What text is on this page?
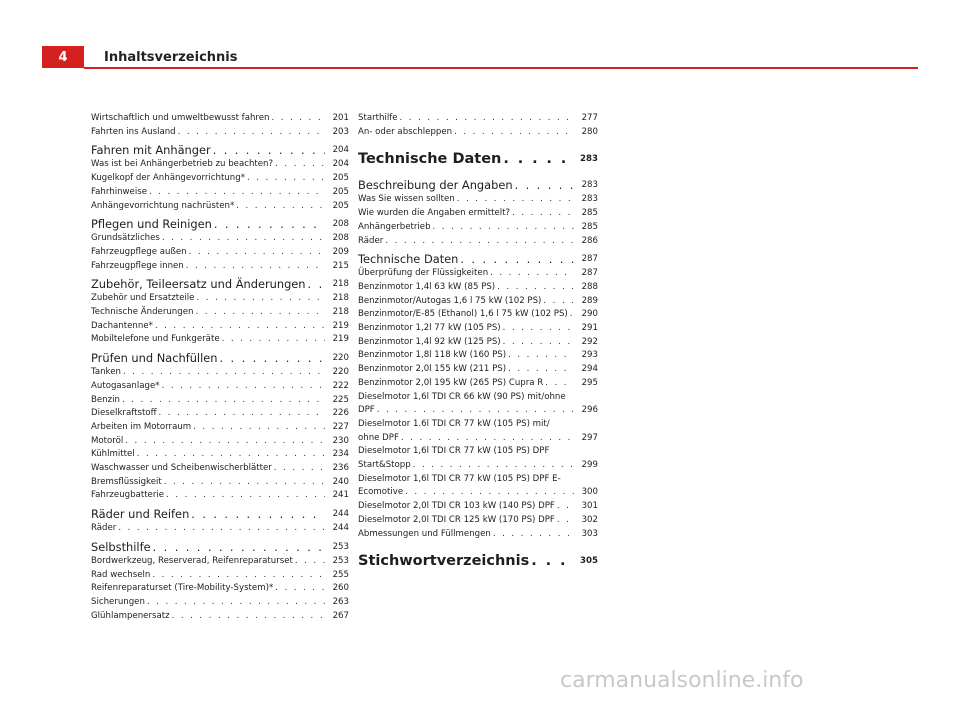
4	Inhaltsverzeichnis
Wirtschaftlich und umweltbewusst fahren . . .	201
Fahrten ins Ausland . . .	203
Fahren mit Anhänger . . .	204
Was ist bei Anhängerbetrieb zu beachten? . . .	204
Kugelkopf der Anhängevorrichtung* . . .	205
Fahrhinweise . . .	205
Anhängevorrichtung nachrüsten* . . .	205
Pflegen und Reinigen . . .	208
Grundsätzliches . . .	208
Fahrzeugpflege außen . . .	209
Fahrzeugpflege innen . . .	215
Zubehör, Teileersatz und Änderungen . . .	218
Zubehör und Ersatzteile . . .	218
Technische Änderungen . . .	218
Dachantenne* . . .	219
Mobiltelefone und Funkgeräte . . .	219
Prüfen und Nachfüllen . . .	220
Tanken . . .	220
Autogasanlage* . . .	222
Benzin . . .	225
Dieselkraftstoff . . .	226
Arbeiten im Motorraum . . .	227
Motoröl . . .	230
Kühlmittel . . .	234
Waschwasser und Scheibenwischerblätter . . .	236
Bremsflüssigkeit . . .	240
Fahrzeugbatterie . . .	241
Räder und Reifen . . .	244
Räder . . .	244
Selbsthilfe . . .	253
Bordwerkzeug, Reserverad, Reifenreparaturset . . .	253
Rad wechseln . . .	255
Reifenreparaturset (Tire-Mobility-System)* . . .	260
Sicherungen . . .	263
Glühlampenersatz . . .	267
Starthilfe . . .	277
An- oder abschleppen . . .	280
Technische Daten . . .	283
Beschreibung der Angaben . . .	283
Was Sie wissen sollten . . .	283
Wie wurden die Angaben ermittelt? . . .	285
Anhängerbetrieb . . .	285
Räder . . .	286
Technische Daten . . .	287
Überprüfung der Flüssigkeiten . . .	287
Benzinmotor 1,4l 63 kW (85 PS) . . .	288
Benzinmotor/Autogas 1,6 l 75 kW (102 PS) . . .	289
Benzinmotor/E-85 (Ethanol) 1,6 l 75 kW (102 PS) . . .	290
Benzinmotor 1,2l 77 kW (105 PS) . . .	291
Benzinmotor 1,4l 92 kW (125 PS) . . .	292
Benzinmotor 1,8l 118 kW (160 PS) . . .	293
Benzinmotor 2,0l 155 kW (211 PS) . . .	294
Benzinmotor 2,0l 195 kW (265 PS) Cupra R . . .	295
Dieselmotor 1,6l TDI CR 66 kW (90 PS) mit/ohne
DPF . . .	296
Dieselmotor 1.6l TDI CR 77 kW (105 PS) mit/
ohne DPF . . .	297
Dieselmotor 1,6l TDI CR 77 kW (105 PS) DPF
Start&Stopp . . .	299
Dieselmotor 1,6l TDI CR 77 kW (105 PS) DPF E-
Ecomotive . . .	300
Dieselmotor 2,0l TDI CR 103 kW (140 PS) DPF . . .	301
Dieselmotor 2,0l TDI CR 125 kW (170 PS) DPF . . .	302
Abmessungen und Füllmengen . . .	303
Stichwortverzeichnis . . .	305
carmanualsonline.info
